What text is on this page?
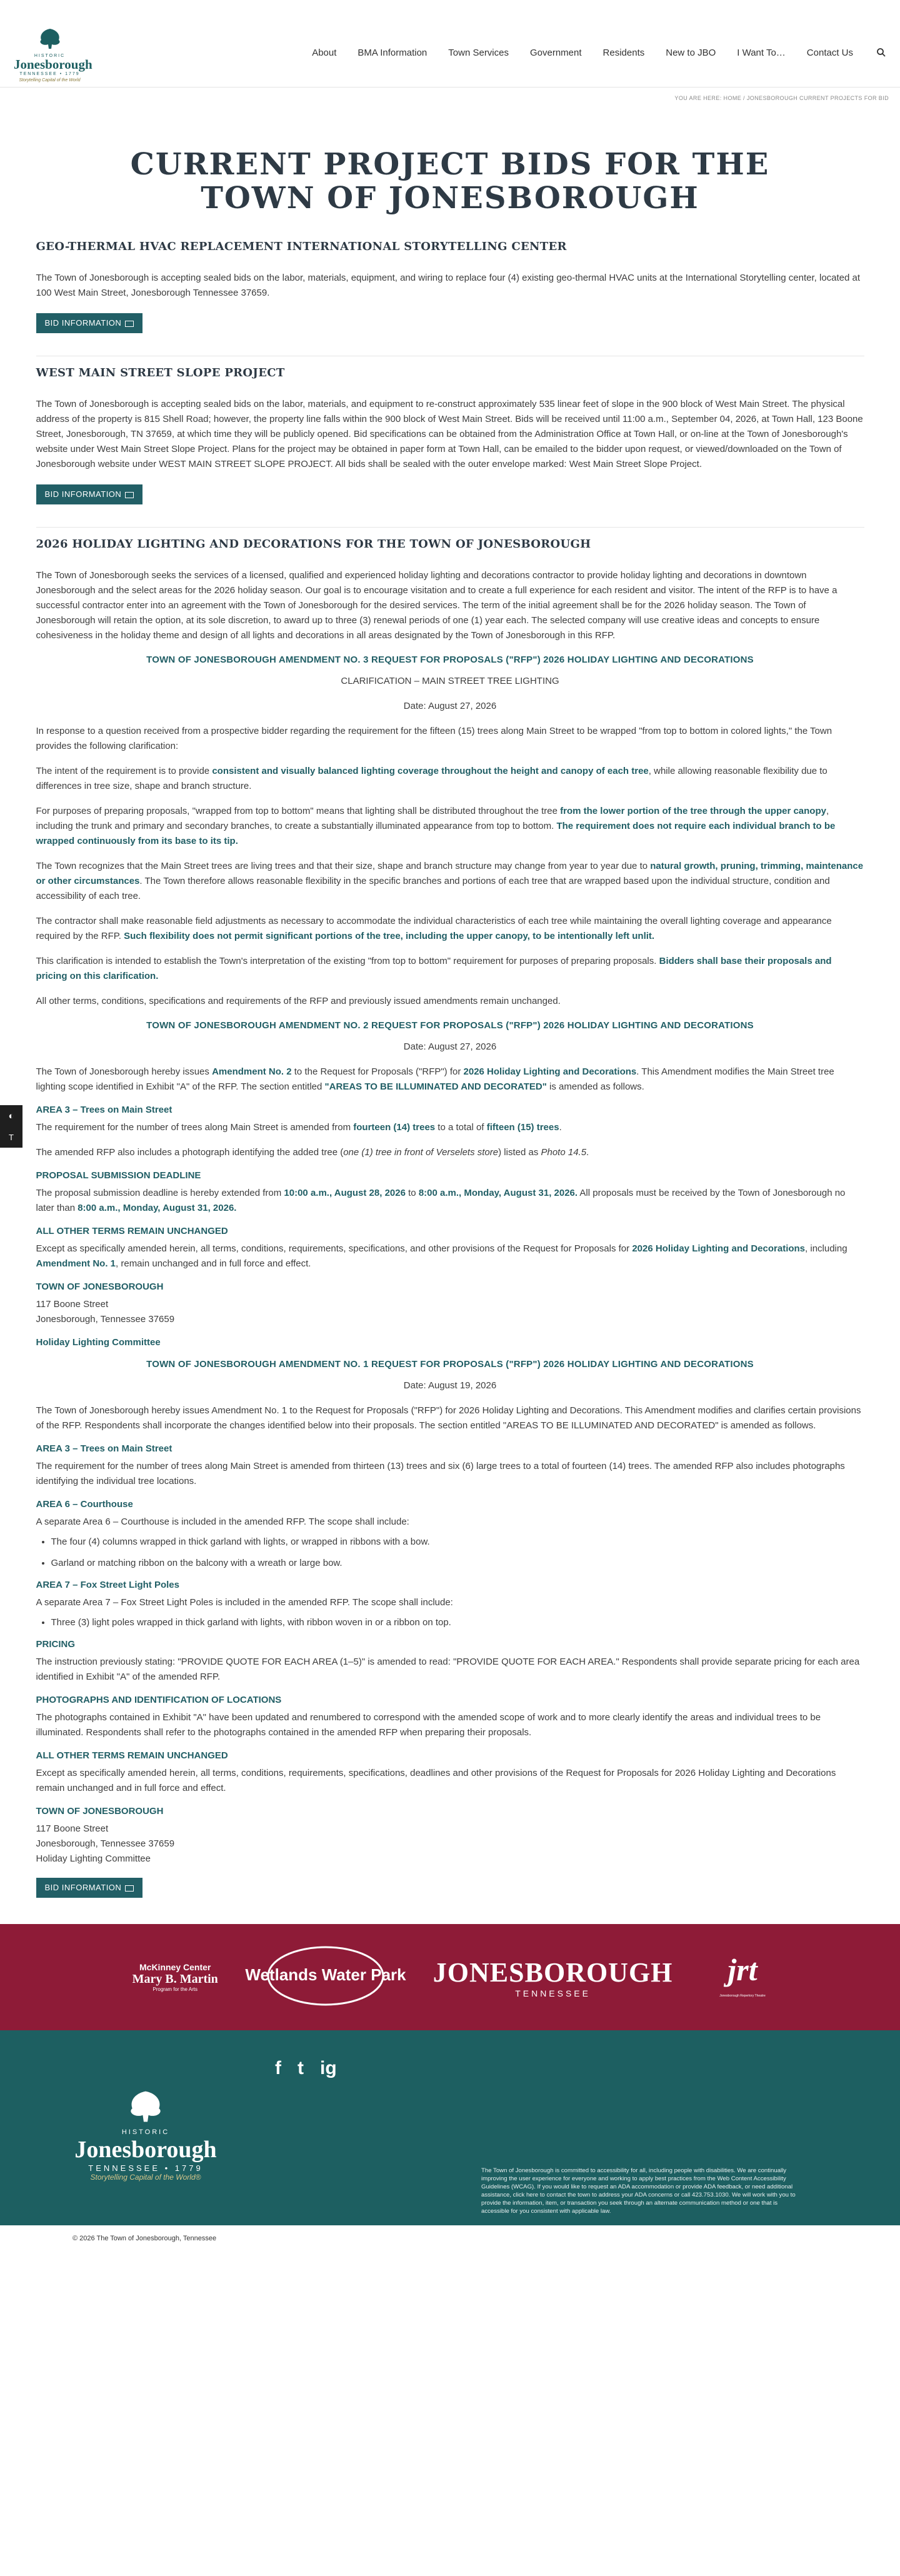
HISTORIC
Jonesborough
TENNESSEE • 1779
Storytelling Capital of the World
About	BMA Information	Town Services	Government	Residents	New to JBO	I Want To…	Contact Us
YOU ARE HERE: HOME / JONESBOROUGH CURRENT PROJECTS FOR BID
CURRENT PROJECT BIDS FOR THE TOWN OF JONESBOROUGH
GEO-THERMAL HVAC REPLACEMENT INTERNATIONAL STORYTELLING CENTER

The Town of Jonesborough is accepting sealed bids on the labor, materials, equipment, and wiring to replace four (4) existing geo-thermal HVAC units at the International Storytelling center, located at 100 West Main Street, Jonesborough Tennessee 37659.

BID INFORMATION
WEST MAIN STREET SLOPE PROJECT

The Town of Jonesborough is accepting sealed bids on the labor, materials, and equipment to re-construct approximately 535 linear feet of slope in the 900 block of West Main Street. The physical address of the property is 815 Shell Road; however, the property line falls within the 900 block of West Main Street. Bids will be received until 11:00 a.m., September 04, 2026, at Town Hall, 123 Boone Street, Jonesborough, TN 37659, at which time they will be publicly opened. Bid specifications can be obtained from the Administration Office at Town Hall, or on-line at the Town of Jonesborough's website under West Main Street Slope Project. Plans for the project may be obtained in paper form at Town Hall, can be emailed to the bidder upon request, or viewed/downloaded on the Town of Jonesborough website under WEST MAIN STREET SLOPE PROJECT. All bids shall be sealed with the outer envelope marked: West Main Street Slope Project.

BID INFORMATION
2026 HOLIDAY LIGHTING AND DECORATIONS FOR THE TOWN OF JONESBOROUGH

The Town of Jonesborough seeks the services of a licensed, qualified and experienced holiday lighting and decorations contractor to provide holiday lighting and decorations in downtown Jonesborough and the select areas for the 2026 holiday season. Our goal is to encourage visitation and to create a full experience for each resident and visitor. The intent of the RFP is to have a successful contractor enter into an agreement with the Town of Jonesborough for the desired services. The term of the initial agreement shall be for the 2026 holiday season. The Town of Jonesborough will retain the option, at its sole discretion, to award up to three (3) renewal periods of one (1) year each. The selected company will use creative ideas and concepts to ensure cohesiveness in the holiday theme and design of all lights and decorations in all areas designated by the Town of Jonesborough in this RFP.

TOWN OF JONESBOROUGH AMENDMENT NO. 3 REQUEST FOR PROPOSALS ("RFP") 2026 HOLIDAY LIGHTING AND DECORATIONS

CLARIFICATION – MAIN STREET TREE LIGHTING

Date: August 27, 2026

In response to a question received from a prospective bidder regarding the requirement for the fifteen (15) trees along Main Street to be wrapped "from top to bottom in colored lights," the Town provides the following clarification:

The intent of the requirement is to provide consistent and visually balanced lighting coverage throughout the height and canopy of each tree, while allowing reasonable flexibility due to differences in tree size, shape and branch structure.

For purposes of preparing proposals, "wrapped from top to bottom" means that lighting shall be distributed throughout the tree from the lower portion of the tree through the upper canopy, including the trunk and primary and secondary branches, to create a substantially illuminated appearance from top to bottom. The requirement does not require each individual branch to be wrapped continuously from its base to its tip.

The Town recognizes that the Main Street trees are living trees and that their size, shape and branch structure may change from year to year due to natural growth, pruning, trimming, maintenance or other circumstances. The Town therefore allows reasonable flexibility in the specific branches and portions of each tree that are wrapped based upon the individual structure, condition and accessibility of each tree.

The contractor shall make reasonable field adjustments as necessary to accommodate the individual characteristics of each tree while maintaining the overall lighting coverage and appearance required by the RFP. Such flexibility does not permit significant portions of the tree, including the upper canopy, to be intentionally left unlit.

This clarification is intended to establish the Town's interpretation of the existing "from top to bottom" requirement for purposes of preparing proposals. Bidders shall base their proposals and pricing on this clarification.

All other terms, conditions, specifications and requirements of the RFP and previously issued amendments remain unchanged.

TOWN OF JONESBOROUGH AMENDMENT NO. 2 REQUEST FOR PROPOSALS ("RFP") 2026 HOLIDAY LIGHTING AND DECORATIONS

Date: August 27, 2026

The Town of Jonesborough hereby issues Amendment No. 2 to the Request for Proposals ("RFP") for 2026 Holiday Lighting and Decorations. This Amendment modifies the Main Street tree lighting scope identified in Exhibit "A" of the RFP. The section entitled "AREAS TO BE ILLUMINATED AND DECORATED" is amended as follows.

AREA 3 – Trees on Main Street

The requirement for the number of trees along Main Street is amended from fourteen (14) trees to a total of fifteen (15) trees.

The amended RFP also includes a photograph identifying the added tree (one (1) tree in front of Verselets store) listed as Photo 14.5.

PROPOSAL SUBMISSION DEADLINE

The proposal submission deadline is hereby extended from 10:00 a.m., August 28, 2026 to 8:00 a.m., Monday, August 31, 2026. All proposals must be received by the Town of Jonesborough no later than 8:00 a.m., Monday, August 31, 2026.

ALL OTHER TERMS REMAIN UNCHANGED

Except as specifically amended herein, all terms, conditions, requirements, specifications, and other provisions of the Request for Proposals for 2026 Holiday Lighting and Decorations, including Amendment No. 1, remain unchanged and in full force and effect.

TOWN OF JONESBOROUGH
117 Boone Street
Jonesborough, Tennessee 37659
Holiday Lighting Committee
TOWN OF JONESBOROUGH AMENDMENT NO. 1 REQUEST FOR PROPOSALS ("RFP") 2026 HOLIDAY LIGHTING AND DECORATIONS

Date: August 19, 2026

The Town of Jonesborough hereby issues Amendment No. 1 to the Request for Proposals ("RFP") for 2026 Holiday Lighting and Decorations. This Amendment modifies and clarifies certain provisions of the RFP. Respondents shall incorporate the changes identified below into their proposals. The section entitled "AREAS TO BE ILLUMINATED AND DECORATED" is amended as follows.

AREA 3 – Trees on Main Street

The requirement for the number of trees along Main Street is amended from thirteen (13) trees and six (6) large trees to a total of fourteen (14) trees. The amended RFP also includes photographs identifying the individual tree locations.

AREA 6 – Courthouse

A separate Area 6 – Courthouse is included in the amended RFP. The scope shall include:

• The four (4) columns wrapped in thick garland with lights, or wrapped in ribbons with a bow.
• Garland or matching ribbon on the balcony with a wreath or large bow.
AREA 7 – Fox Street Light Poles

A separate Area 7 – Fox Street Light Poles is included in the amended RFP. The scope shall include:

• Three (3) light poles wrapped in thick garland with lights, with ribbon woven in or a ribbon on top.
PRICING

The instruction previously stating: "PROVIDE QUOTE FOR EACH AREA (1–5)" is amended to read: "PROVIDE QUOTE FOR EACH AREA." Respondents shall provide separate pricing for each area identified in Exhibit "A" of the amended RFP.

PHOTOGRAPHS AND IDENTIFICATION OF LOCATIONS

The photographs contained in Exhibit "A" have been updated and renumbered to correspond with the amended scope of work and to more clearly identify the areas and individual trees to be illuminated. Respondents shall refer to the photographs contained in the amended RFP when preparing their proposals.

ALL OTHER TERMS REMAIN UNCHANGED

Except as specifically amended herein, all terms, conditions, requirements, specifications, deadlines and other provisions of the Request for Proposals for 2026 Holiday Lighting and Decorations remain unchanged and in full force and effect.

TOWN OF JONESBOROUGH
117 Boone Street
Jonesborough, Tennessee 37659
Holiday Lighting Committee
BID INFORMATION
◐
T
McKinney Center
Mary B. Martin
Program for the Arts
Wetlands Water Park JONESBOROUGH
TENNESSEE
jrt
Jonesborough Repertory Theatre
HISTORIC
Jonesborough
TENNESSEE • 1779
Storytelling Capital of the World®
f t ig
The Town of Jonesborough is committed to accessibility for all, including people with disabilities. We are continually improving the user experience for everyone and working to apply best practices from the Web Content Accessibility Guidelines (WCAG). If you would like to request an ADA accommodation or provide ADA feedback, or need additional assistance, click here to contact the town to address your ADA concerns or call 423.753.1030. We will work with you to provide the information, item, or transaction you seek through an alternate communication method or one that is accessible for you consistent with applicable law.
© 2026 The Town of Jonesborough, Tennessee
